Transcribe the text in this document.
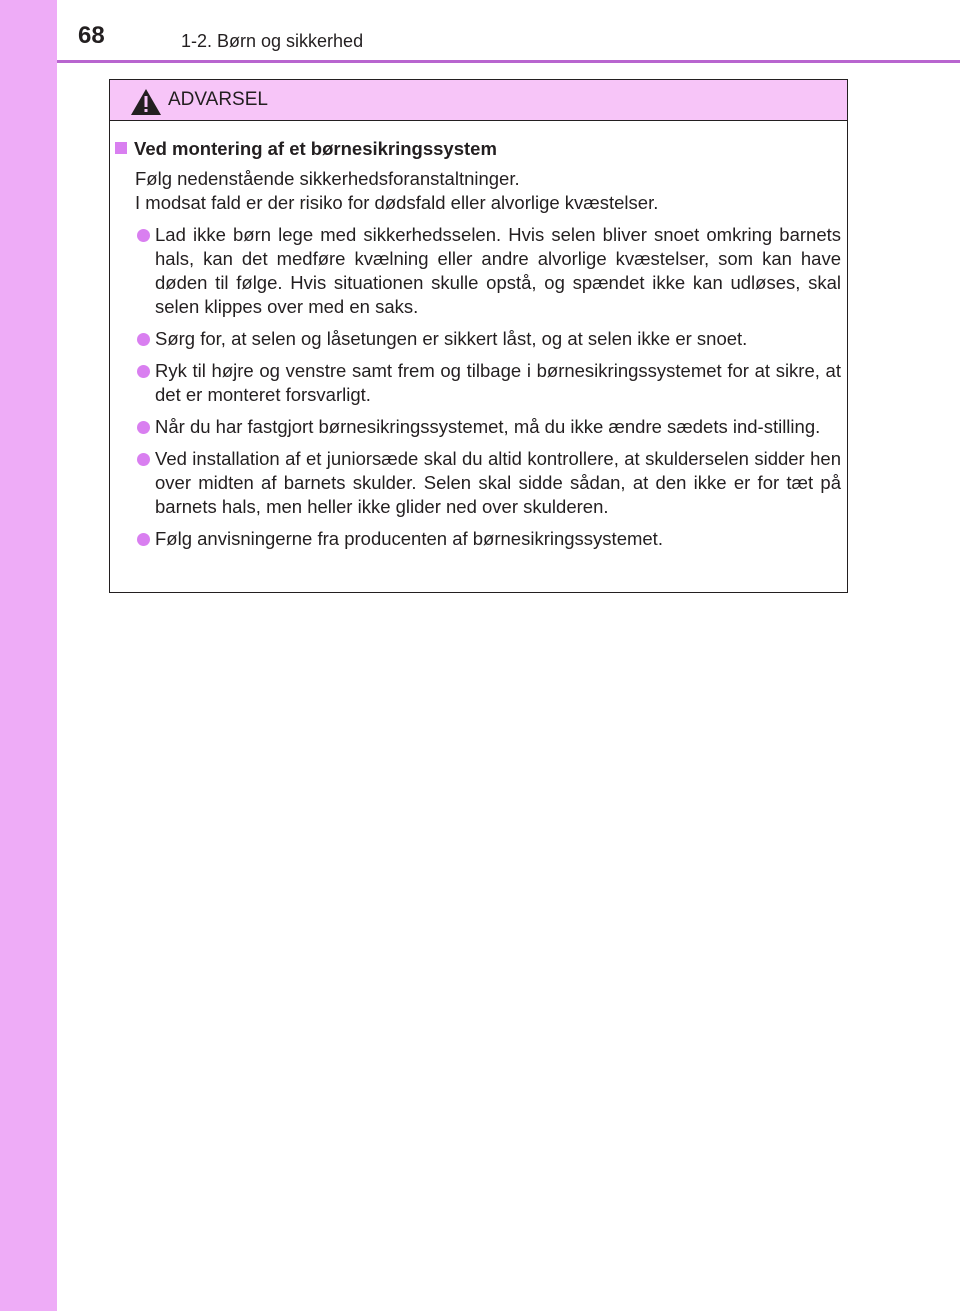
68	1-2. Børn og sikkerhed
ADVARSEL
Ved montering af et børnesikringssystem
Følg nedenstående sikkerhedsforanstaltninger.
I modsat fald er der risiko for dødsfald eller alvorlige kvæstelser.
Lad ikke børn lege med sikkerhedsselen. Hvis selen bliver snoet omkring barnets hals, kan det medføre kvælning eller andre alvorlige kvæstelser, som kan have døden til følge. Hvis situationen skulle opstå, og spændet ikke kan udløses, skal selen klippes over med en saks.
Sørg for, at selen og låsetungen er sikkert låst, og at selen ikke er snoet.
Ryk til højre og venstre samt frem og tilbage i børnesikringssystemet for at sikre, at det er monteret forsvarligt.
Når du har fastgjort børnesikringssystemet, må du ikke ændre sædets ind-stilling.
Ved installation af et juniorsæde skal du altid kontrollere, at skulderselen sidder hen over midten af barnets skulder. Selen skal sidde sådan, at den ikke er for tæt på barnets hals, men heller ikke glider ned over skulderen.
Følg anvisningerne fra producenten af børnesikringssystemet.
